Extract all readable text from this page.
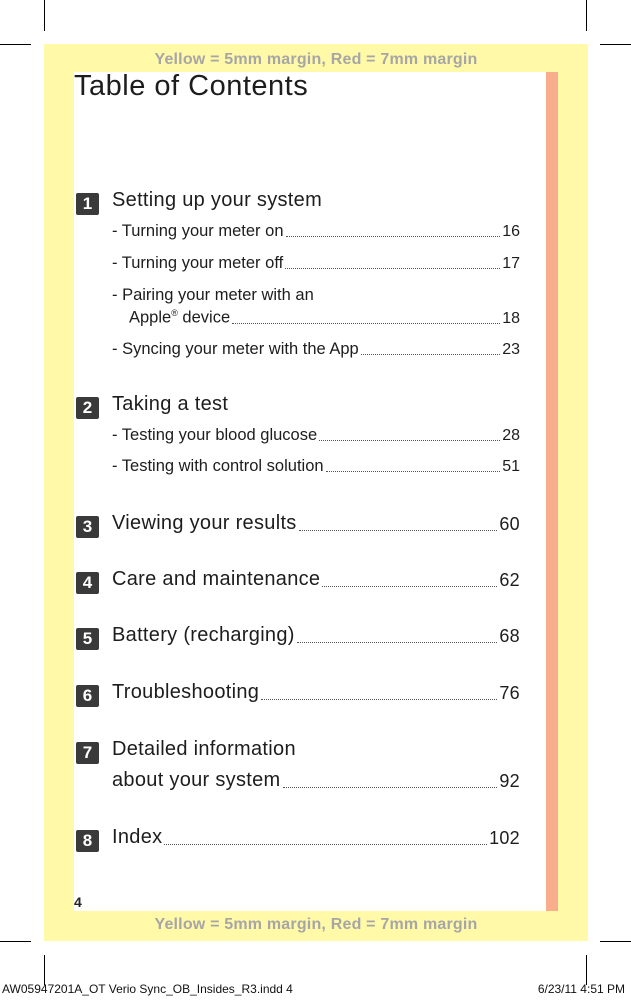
Yellow = 5mm margin, Red = 7mm margin
Yellow = 5mm margin, Red = 7mm margin
Table of Contents
1 Setting up your system
- Turning your meter on	16
- Turning your meter off	17
- Pairing your meter with an
Apple® device	18
- Syncing your meter with the App	23
2 Taking a test
- Testing your blood glucose	28
- Testing with control solution	51
3 Viewing your results	60
4 Care and maintenance	62
5 Battery (recharging)	68
6 Troubleshooting	76
7 Detailed information
about your system	92
8 Index	102
4
AW05947201A_OT Verio Sync_OB_Insides_R3.indd 4	6/23/11 4:51 PM
